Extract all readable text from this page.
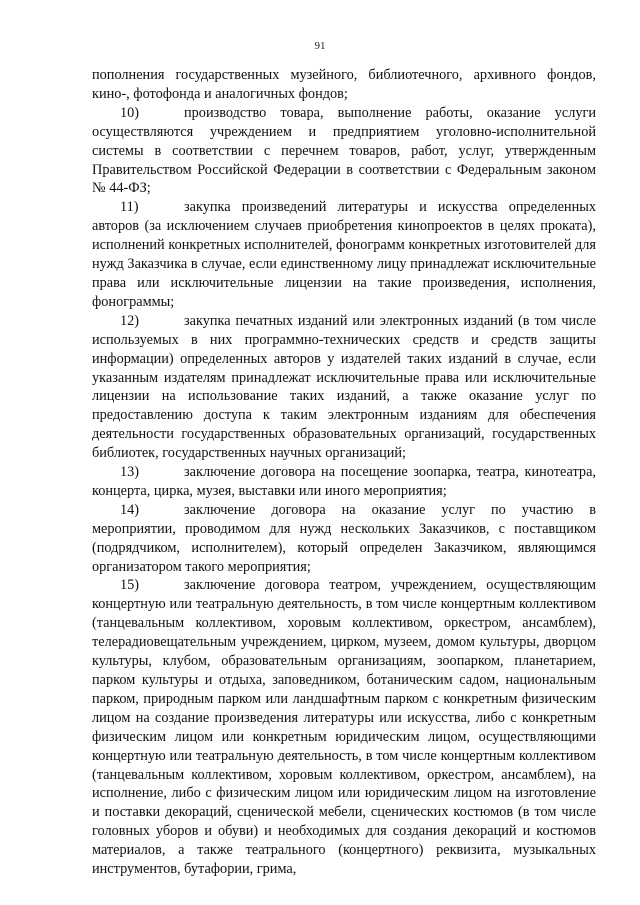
91

пополнения государственных музейного, библиотечного, архивного фондов, кино-, фотофонда и аналогичных фондов;

10)	производство товара, выполнение работы, оказание услуги осуществляются учреждением и предприятием уголовно-исполнительной системы в соответствии с перечнем товаров, работ, услуг, утвержденным Правительством Российской Федерации в соответствии с Федеральным законом № 44-ФЗ;

11)	закупка произведений литературы и искусства определенных авторов (за исключением случаев приобретения кинопроектов в целях проката), исполнений конкретных исполнителей, фонограмм конкретных изготовителей для нужд Заказчика в случае, если единственному лицу принадлежат исключительные права или исключительные лицензии на такие произведения, исполнения, фонограммы;

12)	закупка печатных изданий или электронных изданий (в том числе используемых в них программно-технических средств и средств защиты информации) определенных авторов у издателей таких изданий в случае, если указанным издателям принадлежат исключительные права или исключительные лицензии на использование таких изданий, а также оказание услуг по предоставлению доступа к таким электронным изданиям для обеспечения деятельности государственных образовательных организаций, государственных библиотек, государственных научных организаций;

13)	заключение договора на посещение зоопарка, театра, кинотеатра, концерта, цирка, музея, выставки или иного мероприятия;

14)	заключение договора на оказание услуг по участию в мероприятии, проводимом для нужд нескольких Заказчиков, с поставщиком (подрядчиком, исполнителем), который определен Заказчиком, являющимся организатором такого мероприятия;

15)	заключение договора театром, учреждением, осуществляющим концертную или театральную деятельность, в том числе концертным коллективом (танцевальным коллективом, хоровым коллективом, оркестром, ансамблем), телерадиовещательным учреждением, цирком, музеем, домом культуры, дворцом культуры, клубом, образовательным организациям, зоопарком, планетарием, парком культуры и отдыха, заповедником, ботаническим садом, национальным парком, природным парком или ландшафтным парком с конкретным физическим лицом на создание произведения литературы или искусства, либо с конкретным физическим лицом или конкретным юридическим лицом, осуществляющими концертную или театральную деятельность, в том числе концертным коллективом (танцевальным коллективом, хоровым коллективом, оркестром, ансамблем), на исполнение, либо с физическим лицом или юридическим лицом на изготовление и поставки декораций, сценической мебели, сценических костюмов (в том числе головных уборов и обуви) и необходимых для создания декораций и костюмов материалов, а также театрального (концертного) реквизита, музыкальных инструментов, бутафории, грима,
